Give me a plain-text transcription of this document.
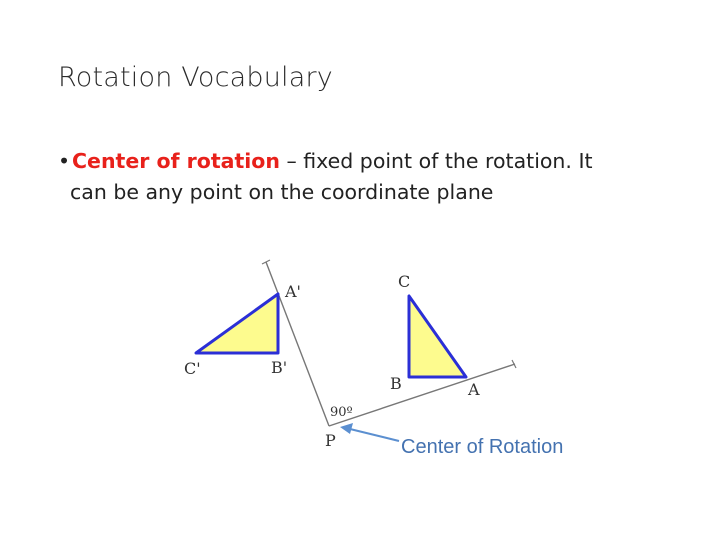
Rotation Vocabulary
•Center of rotation – fixed point of the rotation. It
can be any point on the coordinate plane
A'
B'
C'
C
B	A
90º
P	Center of Rotation
